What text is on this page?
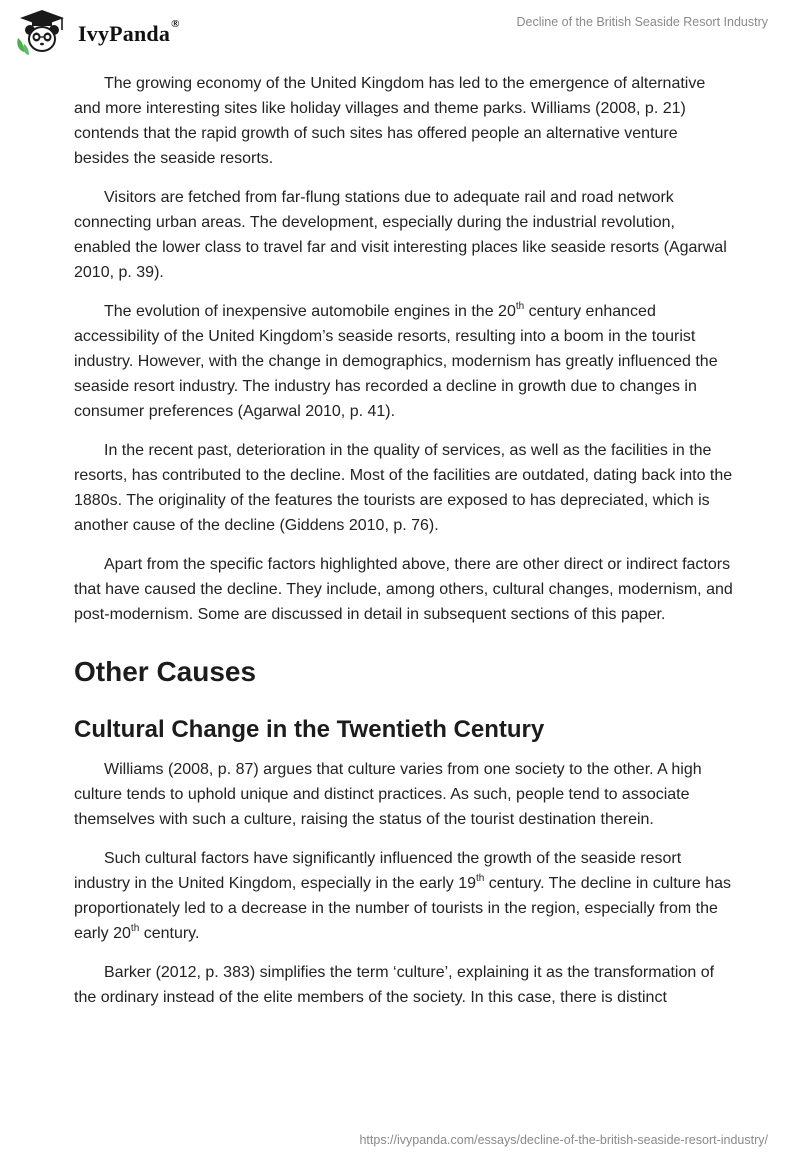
IvyPanda®	Decline of the British Seaside Resort Industry

The growing economy of the United Kingdom has led to the emergence of alternative and more interesting sites like holiday villages and theme parks. Williams (2008, p. 21) contends that the rapid growth of such sites has offered people an alternative venture besides the seaside resorts.

Visitors are fetched from far-flung stations due to adequate rail and road network connecting urban areas. The development, especially during the industrial revolution, enabled the lower class to travel far and visit interesting places like seaside resorts (Agarwal 2010, p. 39).

The evolution of inexpensive automobile engines in the 20th century enhanced accessibility of the United Kingdom’s seaside resorts, resulting into a boom in the tourist industry. However, with the change in demographics, modernism has greatly influenced the seaside resort industry. The industry has recorded a decline in growth due to changes in consumer preferences (Agarwal 2010, p. 41).

In the recent past, deterioration in the quality of services, as well as the facilities in the resorts, has contributed to the decline. Most of the facilities are outdated, dating back into the 1880s. The originality of the features the tourists are exposed to has depreciated, which is another cause of the decline (Giddens 2010, p. 76).

Apart from the specific factors highlighted above, there are other direct or indirect factors that have caused the decline. They include, among others, cultural changes, modernism, and post-modernism. Some are discussed in detail in subsequent sections of this paper.

Other Causes
Cultural Change in the Twentieth Century

Williams (2008, p. 87) argues that culture varies from one society to the other. A high culture tends to uphold unique and distinct practices. As such, people tend to associate themselves with such a culture, raising the status of the tourist destination therein.

Such cultural factors have significantly influenced the growth of the seaside resort industry in the United Kingdom, especially in the early 19th century. The decline in culture has proportionately led to a decrease in the number of tourists in the region, especially from the early 20th century.

Barker (2012, p. 383) simplifies the term ‘culture’, explaining it as the transformation of the ordinary instead of the elite members of the society. In this case, there is distinct

https://ivypanda.com/essays/decline-of-the-british-seaside-resort-industry/
